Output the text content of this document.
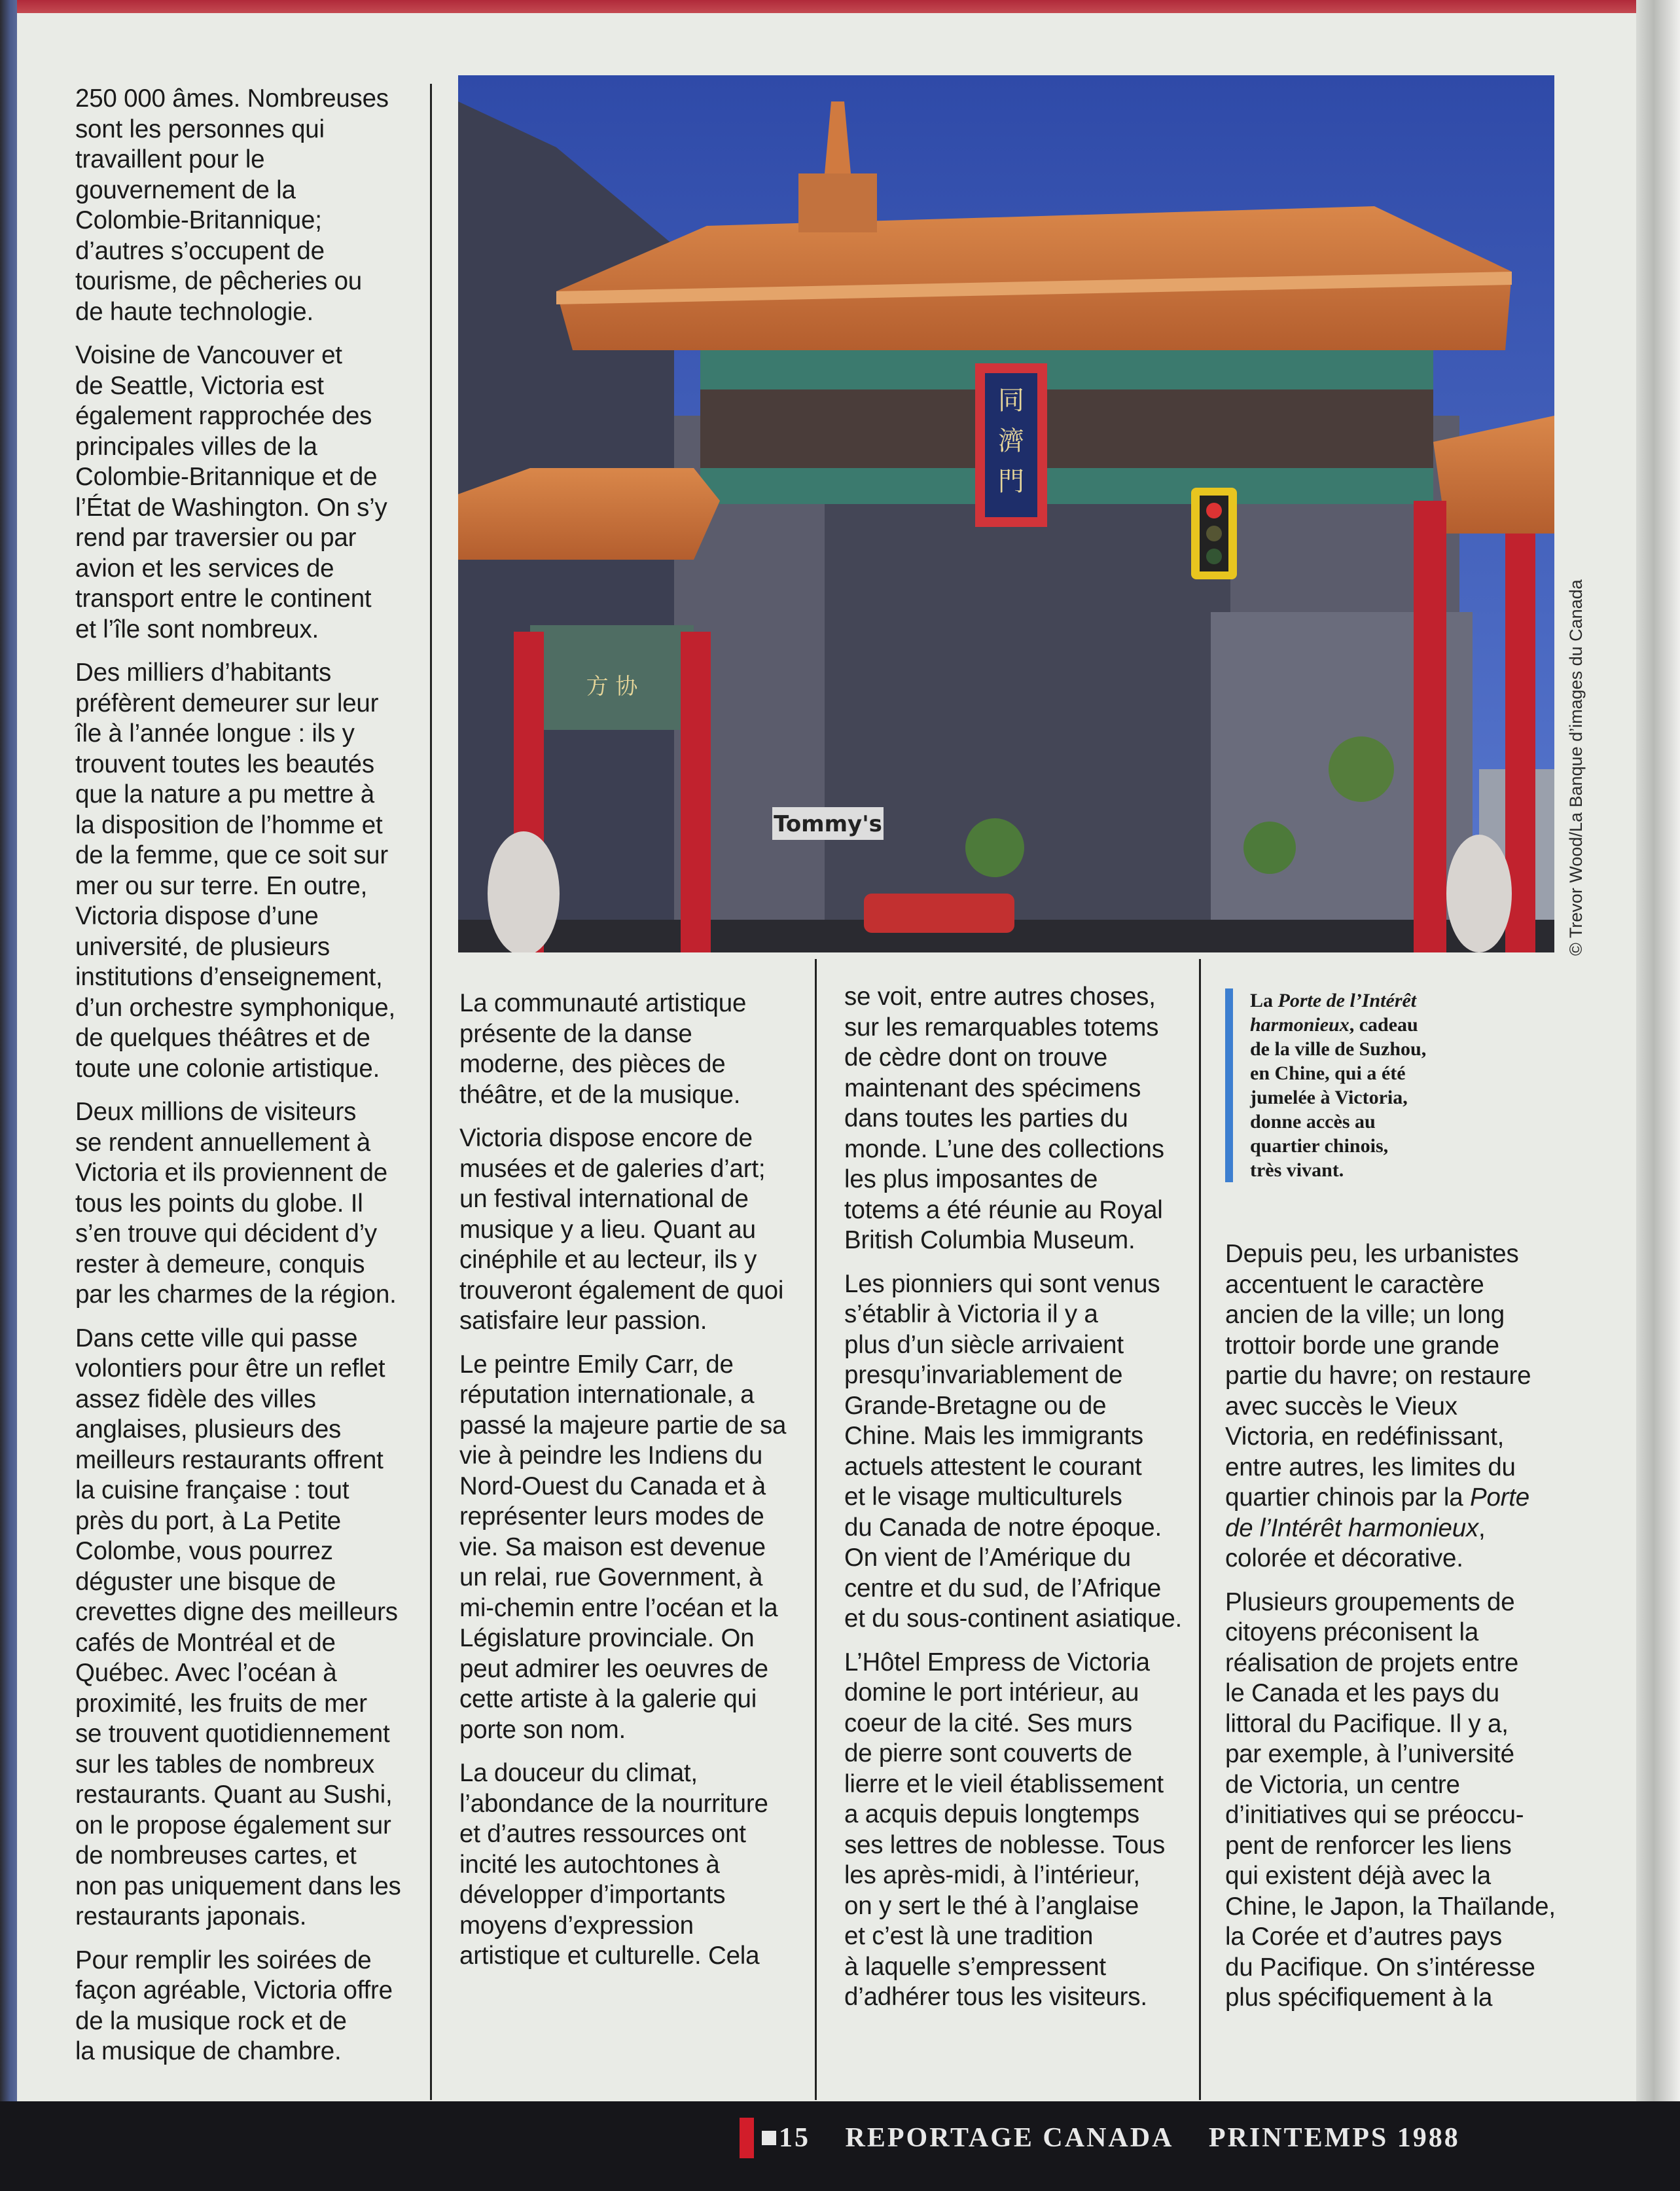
250 000 âmes. Nombreuses
sont les personnes qui
travaillent pour le
gouvernement de la
Colombie-Britannique;
d’autres s’occupent de
tourisme, de pêcheries ou
de haute technologie.

Voisine de Vancouver et
de Seattle, Victoria est
également rapprochée des
principales villes de la
Colombie-Britannique et de
l’État de Washington. On s’y
rend par traversier ou par
avion et les services de
transport entre le continent
et l’île sont nombreux.

Des milliers d’habitants
préfèrent demeurer sur leur
île à l’année longue : ils y
trouvent toutes les beautés
que la nature a pu mettre à
la disposition de l’homme et
de la femme, que ce soit sur
mer ou sur terre. En outre,
Victoria dispose d’une
université, de plusieurs
institutions d’enseignement,
d’un orchestre symphonique,
de quelques théâtres et de
toute une colonie artistique.

Deux millions de visiteurs
se rendent annuellement à
Victoria et ils proviennent de
tous les points du globe. Il
s’en trouve qui décident d’y
rester à demeure, conquis
par les charmes de la région.

Dans cette ville qui passe
volontiers pour être un reflet
assez fidèle des villes
anglaises, plusieurs des
meilleurs restaurants offrent
la cuisine française : tout
près du port, à La Petite
Colombe, vous pourrez
déguster une bisque de
crevettes digne des meilleurs
cafés de Montréal et de
Québec. Avec l’océan à
proximité, les fruits de mer
se trouvent quotidiennement
sur les tables de nombreux
restaurants. Quant au Sushi,
on le propose également sur
de nombreuses cartes, et
non pas uniquement dans les
restaurants japonais.

Pour remplir les soirées de
façon agréable, Victoria offre
de la musique rock et de
la musique de chambre.

同濟門
方 协
Tommy's	© Trevor Wood/La Banque d’images du Canada
La Porte de l’Intérêt
harmonieux, cadeau
de la ville de Suzhou,
en Chine, qui a été
jumelée à Victoria,
donne accès au
quartier chinois,
très vivant.

La communauté artistique
présente de la danse
moderne, des pièces de
théâtre, et de la musique.

Victoria dispose encore de
musées et de galeries d’art;
un festival international de
musique y a lieu. Quant au
cinéphile et au lecteur, ils y
trouveront également de quoi
satisfaire leur passion.

Le peintre Emily Carr, de
réputation internationale, a
passé la majeure partie de sa
vie à peindre les Indiens du
Nord-Ouest du Canada et à
représenter leurs modes de
vie. Sa maison est devenue
un relai, rue Government, à
mi-chemin entre l’océan et la
Législature provinciale. On
peut admirer les oeuvres de
cette artiste à la galerie qui
porte son nom.

La douceur du climat,
l’abondance de la nourriture
et d’autres ressources ont
incité les autochtones à
développer d’importants
moyens d’expression
artistique et culturelle. Cela

se voit, entre autres choses,
sur les remarquables totems
de cèdre dont on trouve
maintenant des spécimens
dans toutes les parties du
monde. L’une des collections
les plus imposantes de
totems a été réunie au Royal
British Columbia Museum.

Les pionniers qui sont venus
s’établir à Victoria il y a
plus d’un siècle arrivaient
presqu’invariablement de
Grande-Bretagne ou de
Chine. Mais les immigrants
actuels attestent le courant
et le visage multiculturels
du Canada de notre époque.
On vient de l’Amérique du
centre et du sud, de l’Afrique
et du sous-continent asiatique.

L’Hôtel Empress de Victoria
domine le port intérieur, au
coeur de la cité. Ses murs
de pierre sont couverts de
lierre et le vieil établissement
a acquis depuis longtemps
ses lettres de noblesse. Tous
les après-midi, à l’intérieur,
on y sert le thé à l’anglaise
et c’est là une tradition
à laquelle s’empressent
d’adhérer tous les visiteurs.

Depuis peu, les urbanistes
accentuent le caractère
ancien de la ville; un long
trottoir borde une grande
partie du havre; on restaure
avec succès le Vieux
Victoria, en redéfinissant,
entre autres, les limites du
quartier chinois par la Porte
de l’Intérêt harmonieux,
colorée et décorative.

Plusieurs groupements de
citoyens préconisent la
réalisation de projets entre
le Canada et les pays du
littoral du Pacifique. Il y a,
par exemple, à l’université
de Victoria, un centre
d’initiatives qui se préoccu-
pent de renforcer les liens
qui existent déjà avec la
Chine, le Japon, la Thaïlande,
la Corée et d’autres pays
du Pacifique. On s’intéresse
plus spécifiquement à la

15 REPORTAGE CANADA PRINTEMPS 1988
